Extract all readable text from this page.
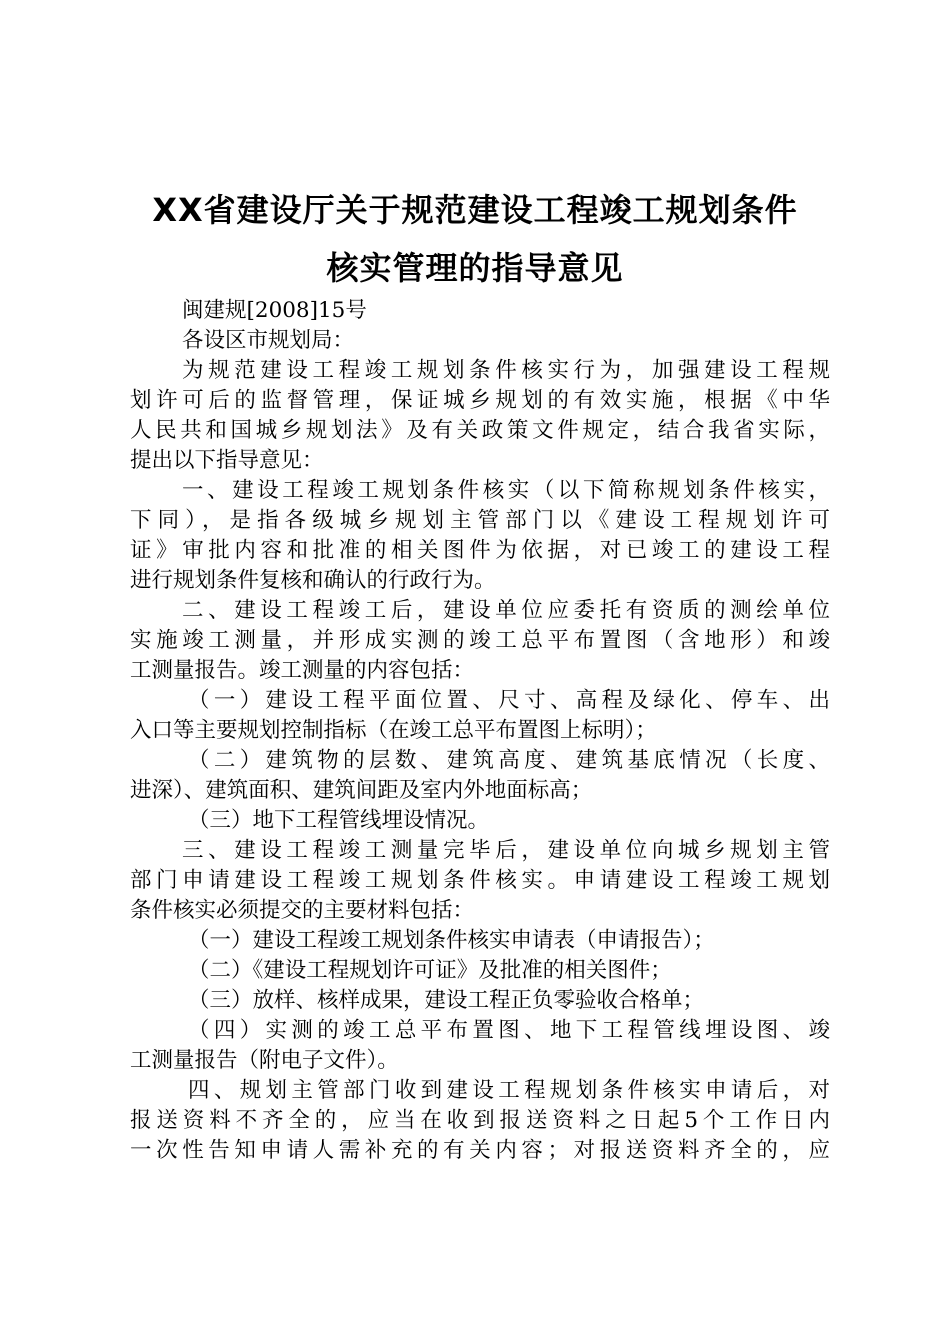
XX省建设厅关于规范建设工程竣工规划条件
核实管理的指导意见
闽建规[2008]15号
各设区市规划局：
为规范建设工程竣工规划条件核实行为，加强建设工程规
划许可后的监督管理，保证城乡规划的有效实施，根据《中华
人民共和国城乡规划法》及有关政策文件规定，结合我省实际，
提出以下指导意见：
一、建设工程竣工规划条件核实（以下简称规划条件核实，
下同），是指各级城乡规划主管部门以《建设工程规划许可
证》审批内容和批准的相关图件为依据，对已竣工的建设工程
进行规划条件复核和确认的行政行为。
二、建设工程竣工后，建设单位应委托有资质的测绘单位
实施竣工测量，并形成实测的竣工总平布置图（含地形）和竣
工测量报告。竣工测量的内容包括：
（一）建设工程平面位置、尺寸、高程及绿化、停车、出
入口等主要规划控制指标（在竣工总平布置图上标明）；
（二）建筑物的层数、建筑高度、建筑基底情况（长度、
进深）、建筑面积、建筑间距及室内外地面标高；
（三）地下工程管线埋设情况。
三、建设工程竣工测量完毕后，建设单位向城乡规划主管
部门申请建设工程竣工规划条件核实。申请建设工程竣工规划
条件核实必须提交的主要材料包括：
（一）建设工程竣工规划条件核实申请表（申请报告）；
（二）《建设工程规划许可证》及批准的相关图件；
（三）放样、核样成果，建设工程正负零验收合格单；
（四）实测的竣工总平布置图、地下工程管线埋设图、竣
工测量报告（附电子文件）。
四、规划主管部门收到建设工程规划条件核实申请后，对
报送资料不齐全的，应当在收到报送资料之日起5个工作日内
一次性告知申请人需补充的有关内容；对报送资料齐全的，应
